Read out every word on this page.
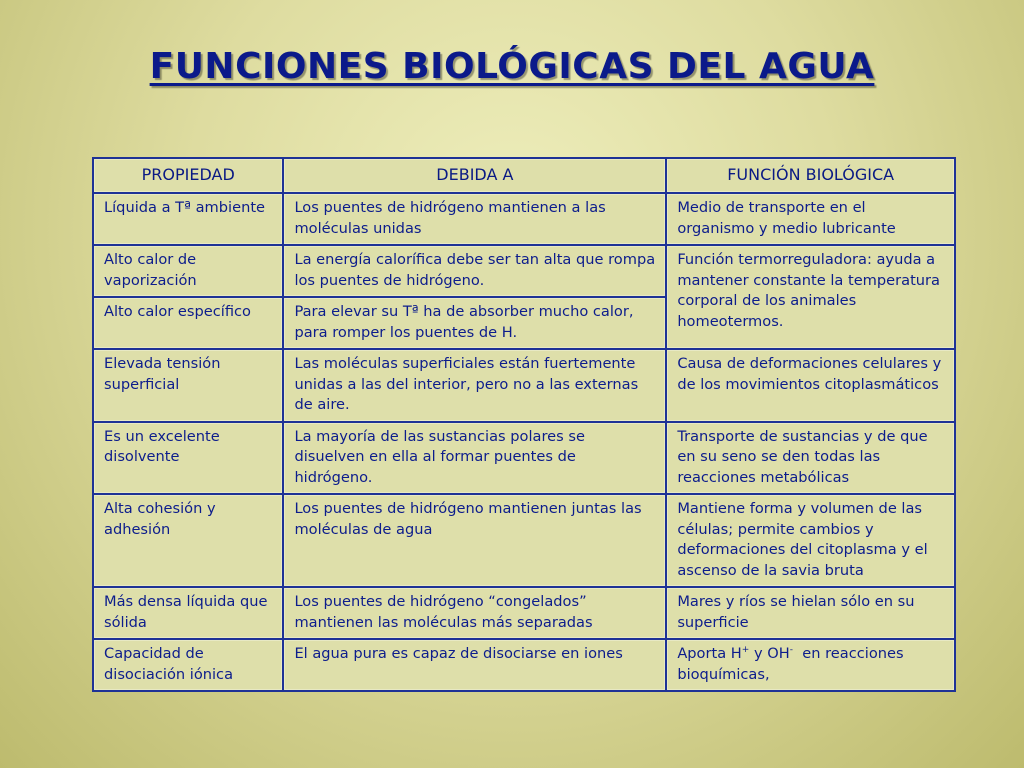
FUNCIONES BIOLÓGICAS DEL AGUA
PROPIEDAD	DEBIDA A	FUNCIÓN BIOLÓGICA
Líquida a Tª ambiente	Los puentes de hidrógeno mantienen a las moléculas unidas	Medio de transporte en el organismo y medio lubricante
Alto calor de vaporización	La energía calorífica debe ser tan alta que rompa los puentes de hidrógeno.	Función termorreguladora: ayuda a mantener constante la temperatura corporal de los animales homeotermos.
Alto calor específico	Para elevar su Tª ha de absorber mucho calor, para romper los puentes de H.	
Elevada tensión superficial	Las moléculas superficiales están fuertemente unidas a las del interior, pero no a las externas de aire.	Causa de deformaciones celulares y de los movimientos citoplasmáticos
Es un excelente disolvente	La mayoría de las sustancias polares se disuelven en ella al formar puentes de hidrógeno.	Transporte de sustancias y de que en su seno se den todas las reacciones metabólicas
Alta cohesión y adhesión	Los puentes de hidrógeno mantienen juntas las moléculas de agua	Mantiene forma y volumen de las células; permite cambios y deformaciones del citoplasma y el ascenso de la savia bruta
Más densa líquida que sólida	Los puentes de hidrógeno “congelados” mantienen las moléculas más separadas	Mares y ríos se hielan sólo en su superficie
Capacidad de disociación iónica	El agua pura es capaz de disociarse en iones	Aporta H+ y OH-  en reacciones bioquímicas,
